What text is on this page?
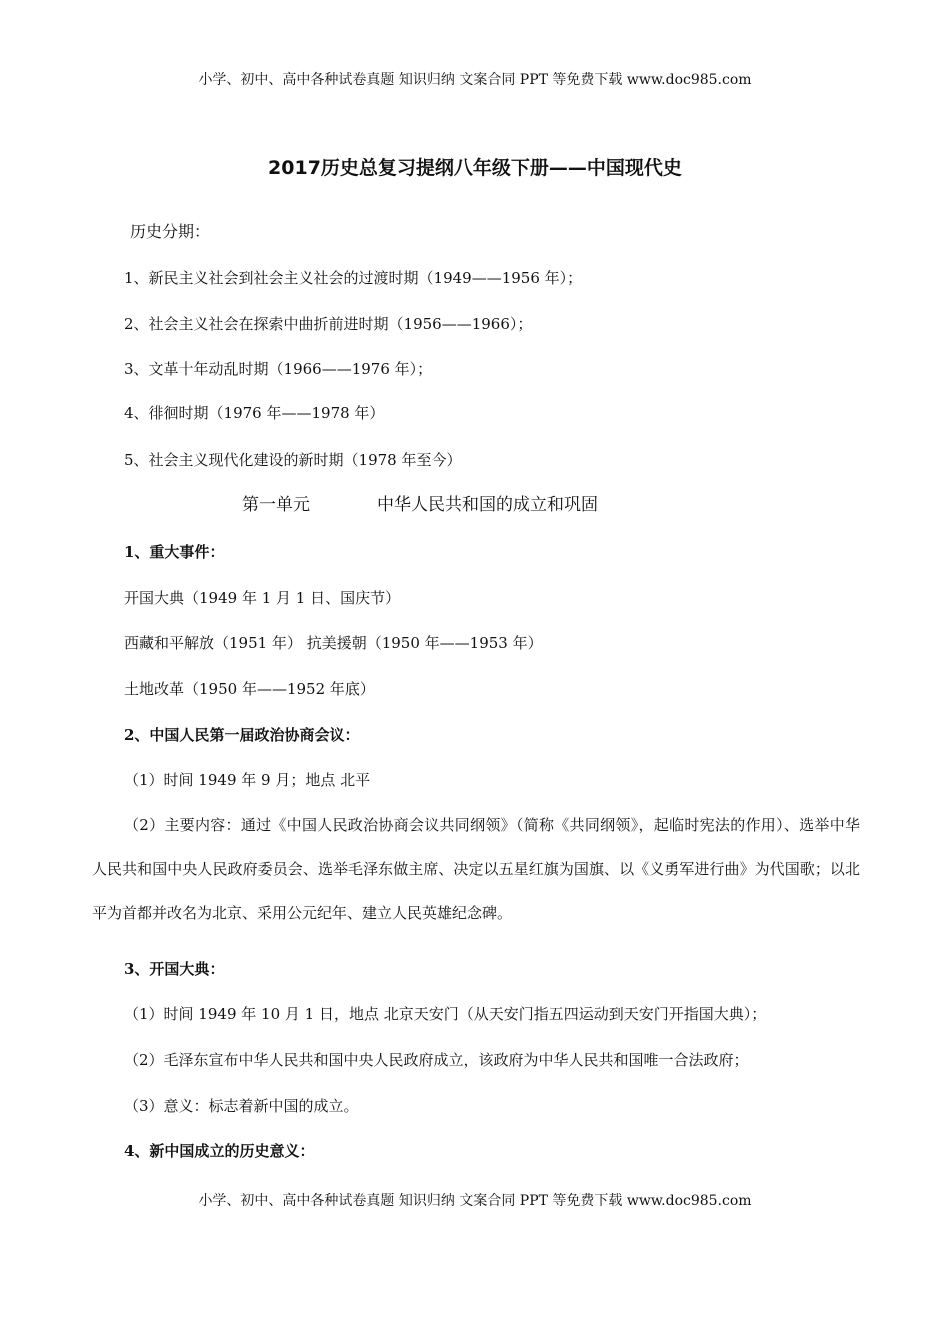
小学、初中、高中各种试卷真题 知识归纳 文案合同 PPT 等免费下载 www.doc985.com
2017历史总复习提纲八年级下册——中国现代史
历史分期：
1、新民主义社会到社会主义社会的过渡时期（1949——1956 年）；
2、社会主义社会在探索中曲折前进时期（1956——1966）；
3、文革十年动乱时期（1966——1976 年）；
4、徘徊时期（1976 年——1978 年）
5、社会主义现代化建设的新时期（1978 年至今）
第一单元	中华人民共和国的成立和巩固
1、重大事件：
开国大典（1949 年 1 月 1 日、国庆节）
西藏和平解放（1951 年） 抗美援朝（1950 年——1953 年）
土地改革（1950 年——1952 年底）
2、中国人民第一届政治协商会议：
（1）时间 1949 年 9 月；地点 北平
（2）主要内容：通过《中国人民政治协商会议共同纲领》（简称《共同纲领》，起临时宪法的作用）、选举中华人民共和国中央人民政府委员会、选举毛泽东做主席、决定以五星红旗为国旗、以《义勇军进行曲》为代国歌；以北平为首都并改名为北京、采用公元纪年、建立人民英雄纪念碑。
3、开国大典：
（1）时间 1949 年 10 月 1 日，地点 北京天安门（从天安门指五四运动到天安门开指国大典）；
（2）毛泽东宣布中华人民共和国中央人民政府成立，该政府为中华人民共和国唯一合法政府；
（3）意义：标志着新中国的成立。
4、新中国成立的历史意义：
小学、初中、高中各种试卷真题 知识归纳 文案合同 PPT 等免费下载 www.doc985.com
